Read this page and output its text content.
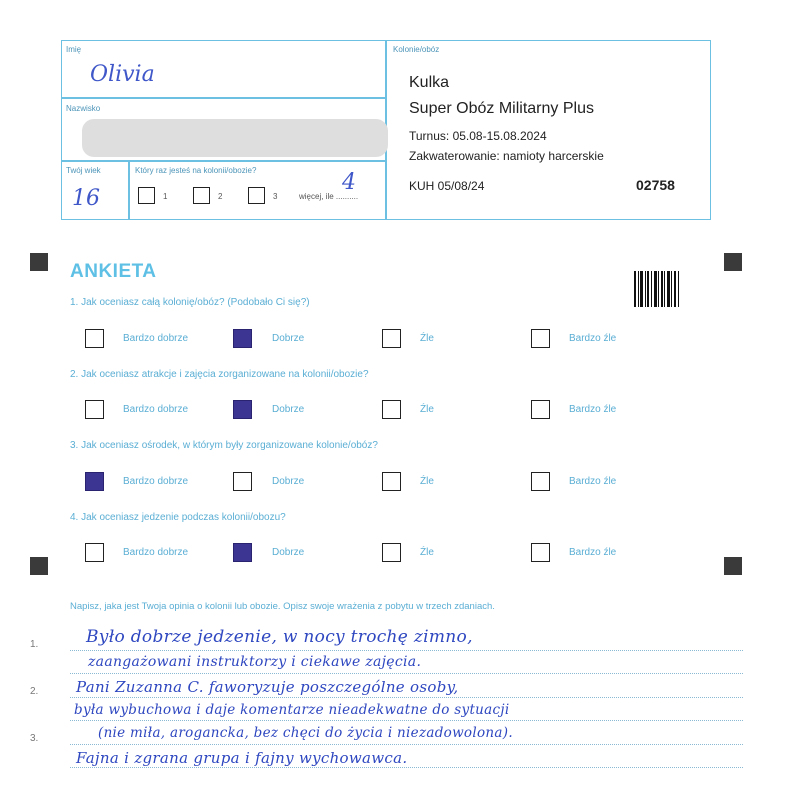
Imię
Olivia
Nazwisko
Twój wiek
16
Który raz jesteś na kolonii/obozie?
1	2	3	więcej, ile ..........
4
Kolonie/obóz
Kulka
Super Obóz Militarny Plus
Turnus: 05.08-15.08.2024
Zakwaterowanie: namioty harcerskie
KUH 05/08/24	02758
ANKIETA
1. Jak oceniasz całą kolonię/obóz? (Podobało Ci się?)
2. Jak oceniasz atrakcje i zajęcia zorganizowane na kolonii/obozie?
3. Jak oceniasz ośrodek, w którym były zorganizowane kolonie/obóz?
4. Jak oceniasz jedzenie podczas kolonii/obozu?
Bardzo dobrze	Dobrze	Źle	Bardzo źle
Bardzo dobrze	Dobrze	Źle	Bardzo źle
Bardzo dobrze	Dobrze	Źle	Bardzo źle
Bardzo dobrze	Dobrze	Źle	Bardzo źle
Napisz, jaka jest Twoja opinia o kolonii lub obozie. Opisz swoje wrażenia z pobytu w trzech zdaniach.
1.
2.
3.
Było dobrze jedzenie, w nocy trochę zimno,
zaangażowani instruktorzy i ciekawe zajęcia.
Pani Zuzanna C. faworyzuje poszczególne osoby,
była wybuchowa i daje komentarze nieadekwatne do sytuacji
(nie miła, arogancka, bez chęci do życia i niezadowolona).
Fajna i zgrana grupa i fajny wychowawca.
